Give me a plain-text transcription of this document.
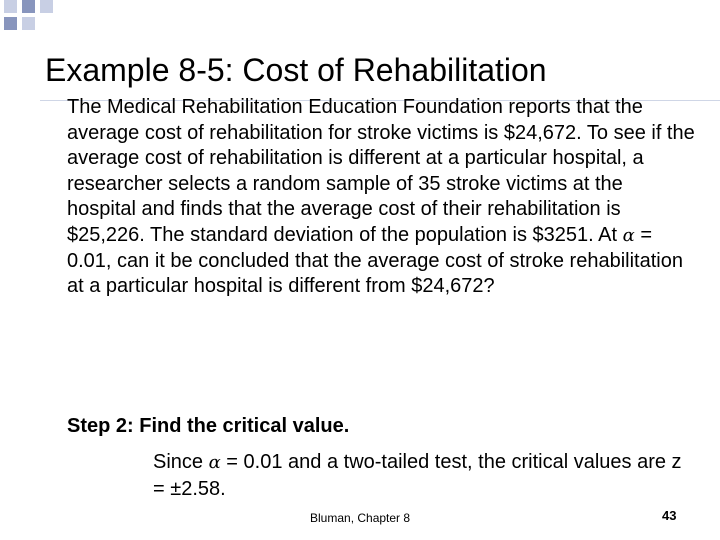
Example 8-5: Cost of Rehabilitation
The Medical Rehabilitation Education Foundation reports that the average cost of rehabilitation for stroke victims is $24,672. To see if the average cost of rehabilitation is different at a particular hospital, a researcher selects a random sample of 35 stroke victims at the hospital and finds that the average cost of their rehabilitation is $25,226. The standard deviation of the population is $3251. At α = 0.01, can it be concluded that the average cost of stroke rehabilitation at a particular hospital is different from $24,672?
Step 2: Find the critical value.
Since α = 0.01 and a two-tailed test, the critical values are z = ±2.58.
Bluman, Chapter 8	43
